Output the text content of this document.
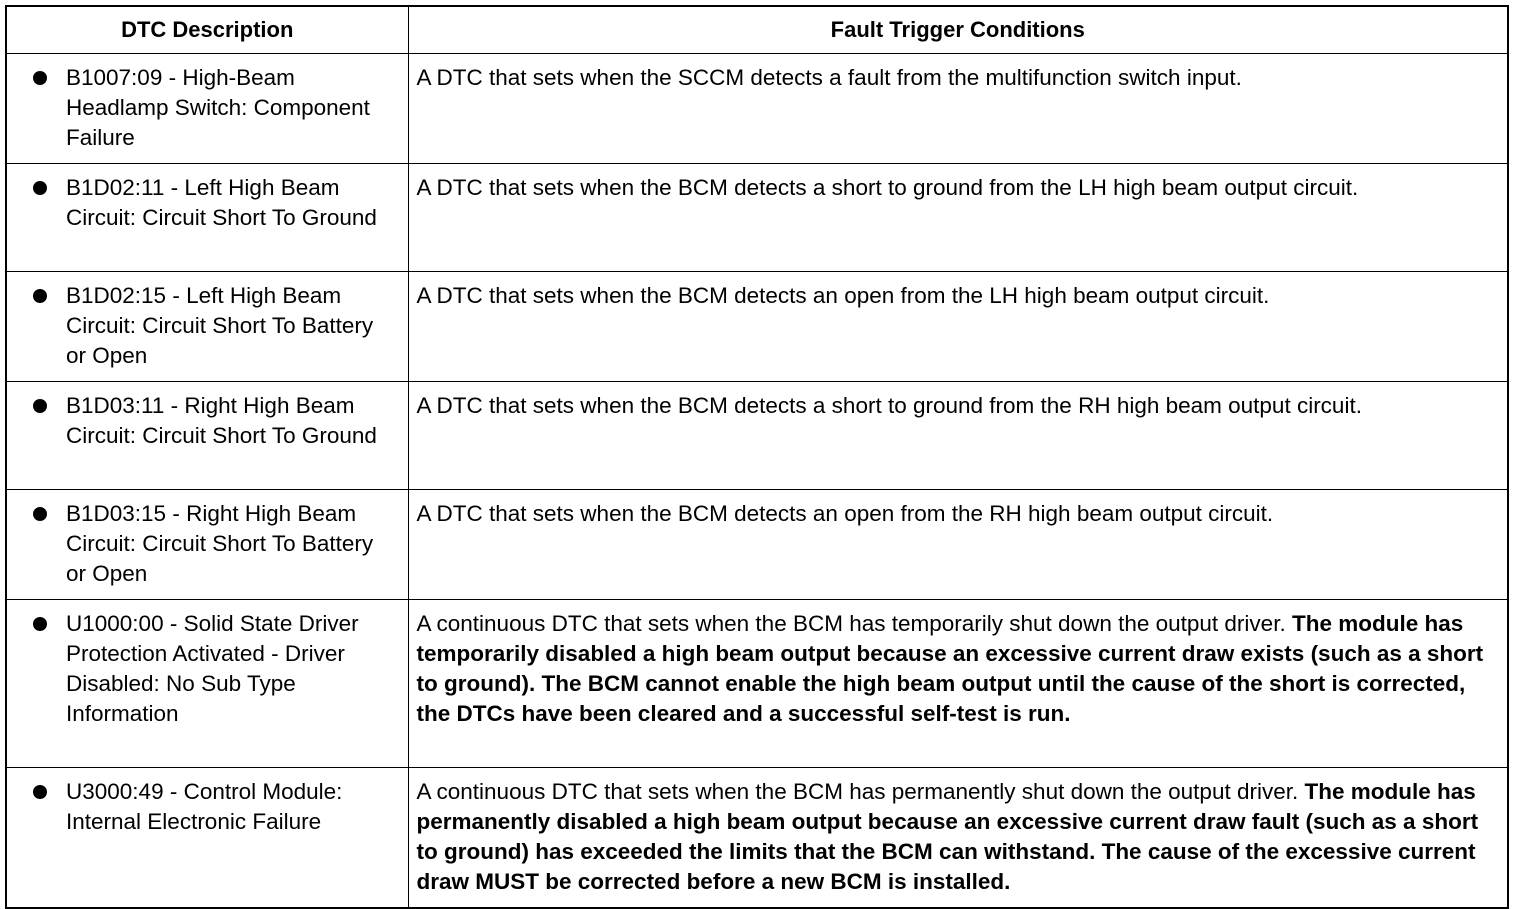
DTC Description	Fault Trigger Conditions

B1007:09 - High-Beam Headlamp Switch: Component Failure	A DTC that sets when the SCCM detects a fault from the multifunction switch input.

B1D02:11 - Left High Beam Circuit: Circuit Short To Ground	A DTC that sets when the BCM detects a short to ground from the LH high beam output circuit.

B1D02:15 - Left High Beam Circuit: Circuit Short To Battery or Open	A DTC that sets when the BCM detects an open from the LH high beam output circuit.

B1D03:11 - Right High Beam Circuit: Circuit Short To Ground	A DTC that sets when the BCM detects a short to ground from the RH high beam output circuit.

B1D03:15 - Right High Beam Circuit: Circuit Short To Battery or Open	A DTC that sets when the BCM detects an open from the RH high beam output circuit.

U1000:00 - Solid State Driver Protection Activated - Driver Disabled: No Sub Type Information	A continuous DTC that sets when the BCM has temporarily shut down the output driver. The module has temporarily disabled a high beam output because an excessive current draw exists (such as a short to ground). The BCM cannot enable the high beam output until the cause of the short is corrected, the DTCs have been cleared and a successful self-test is run.

U3000:49 - Control Module: Internal Electronic Failure	A continuous DTC that sets when the BCM has permanently shut down the output driver. The module has permanently disabled a high beam output because an excessive current draw fault (such as a short to ground) has exceeded the limits that the BCM can withstand. The cause of the excessive current draw MUST be corrected before a new BCM is installed.
